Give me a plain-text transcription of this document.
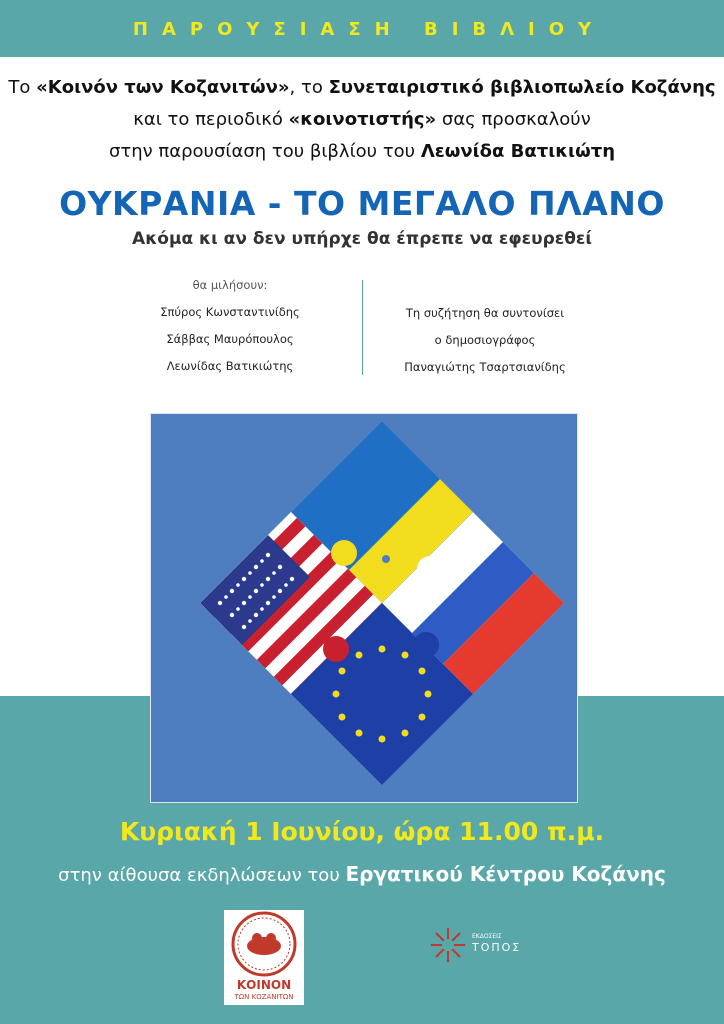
ΠΑΡΟΥΣΙΑΣΗ ΒΙΒΛΙΟΥ
Το «Κοινόν των Κοζανιτών», το Συνεταιριστικό βιβλιοπωλείο Κοζάνης
και το περιοδικό «κοινοτιστής» σας προσκαλούν
στην παρουσίαση του βιβλίου του Λεωνίδα Βατικιώτη
ΟΥΚΡΑΝΙΑ - ΤΟ ΜΕΓΑΛΟ ΠΛΑΝΟ
Ακόμα κι αν δεν υπήρχε θα έπρεπε να εφευρεθεί
θα μιλήσουν:
Σπύρος Κωνσταντινίδης
Σάββας Μαυρόπουλος
Λεωνίδας Βατικιώτης
Τη συζήτηση θα συντονίσει
ο δημοσιογράφος
Παναγιώτης Τσαρτσιανίδης
Κυριακή 1 Ιουνίου, ώρα 11.00 π.μ.
στην αίθουσα εκδηλώσεων του Εργατικού Κέντρου Κοζάνης
ΚΟΙΝΟΝ
ΤΩΝ ΚΟΖΑΝΙΤΩΝ
ΕΚΔΟΣΕΙΣ
ΤΟΠΟΣ
